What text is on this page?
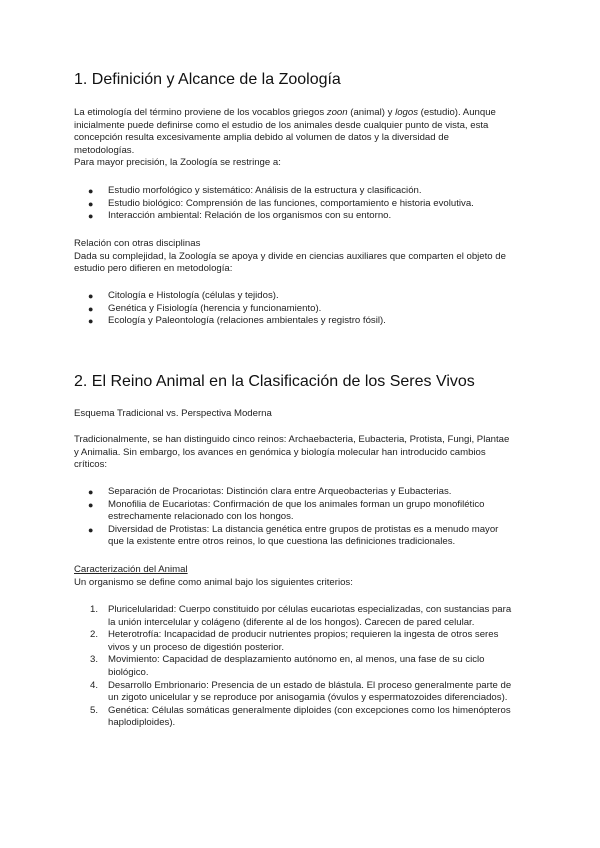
1. Definición y Alcance de la Zoología

La etimología del término proviene de los vocablos griegos zoon (animal) y logos (estudio). Aunque inicialmente puede definirse como el estudio de los animales desde cualquier punto de vista, esta concepción resulta excesivamente amplia debido al volumen de datos y la diversidad de metodologías.

Para mayor precisión, la Zoología se restringe a:

●	Estudio morfológico y sistemático: Análisis de la estructura y clasificación.
●	Estudio biológico: Comprensión de las funciones, comportamiento e historia evolutiva.
●	Interacción ambiental: Relación de los organismos con su entorno.

Relación con otras disciplinas

Dada su complejidad, la Zoología se apoya y divide en ciencias auxiliares que comparten el objeto de estudio pero difieren en metodología:

●	Citología e Histología (células y tejidos).
●	Genética y Fisiología (herencia y funcionamiento).
●	Ecología y Paleontología (relaciones ambientales y registro fósil).
2. El Reino Animal en la Clasificación de los Seres Vivos

Esquema Tradicional vs. Perspectiva Moderna

Tradicionalmente, se han distinguido cinco reinos: Archaebacteria, Eubacteria, Protista, Fungi, Plantae y Animalia. Sin embargo, los avances en genómica y biología molecular han introducido cambios críticos:

●	Separación de Procariotas: Distinción clara entre Arqueobacterias y Eubacterias.
●	Monofilia de Eucariotas: Confirmación de que los animales forman un grupo monofilético estrechamente relacionado con los hongos.
●	Diversidad de Protistas: La distancia genética entre grupos de protistas es a menudo mayor que la existente entre otros reinos, lo que cuestiona las definiciones tradicionales.

Caracterización del Animal

Un organismo se define como animal bajo los siguientes criterios:

1.	Pluricelularidad: Cuerpo constituido por células eucariotas especializadas, con sustancias para la unión intercelular y colágeno (diferente al de los hongos). Carecen de pared celular.
2.	Heterotrofía: Incapacidad de producir nutrientes propios; requieren la ingesta de otros seres vivos y un proceso de digestión posterior.
3.	Movimiento: Capacidad de desplazamiento autónomo en, al menos, una fase de su ciclo biológico.
4.	Desarrollo Embrionario: Presencia de un estado de blástula. El proceso generalmente parte de un zigoto unicelular y se reproduce por anisogamia (óvulos y espermatozoides diferenciados).
5.	Genética: Células somáticas generalmente diploides (con excepciones como los himenópteros haplodiploides).
